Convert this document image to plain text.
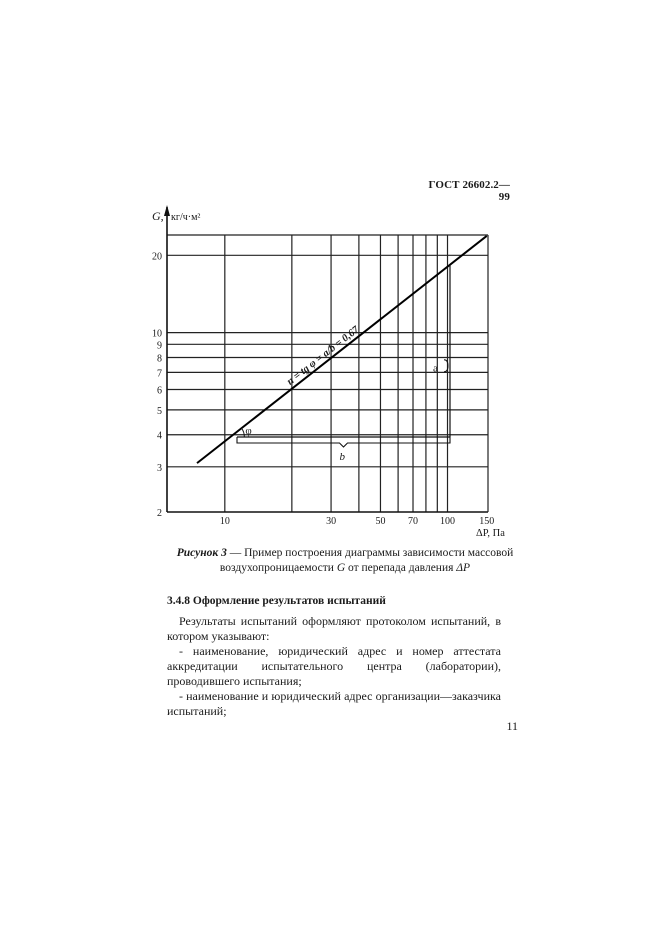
ГОСТ 26602.2—99
10	30	50 70 100 150
2
3
4
5
6
7
8
9
10
20
G, кг/ч·м²
ΔP, Па
n = tg φ = a/b = 0,67
φ
a
b
Рисунок 3 — Пример построения диаграммы зависимости массовой
воздухопроницаемости G от перепада давления ΔP
3.4.8 Оформление результатов испытаний

Результаты испытаний оформляют протоколом испытаний, в котором указывают:

- наименование, юридический адрес и номер аттестата аккредитации испытательного центра (лаборатории), проводившего испытания;

- наименование и юридический адрес организации—заказчика испытаний;

11
